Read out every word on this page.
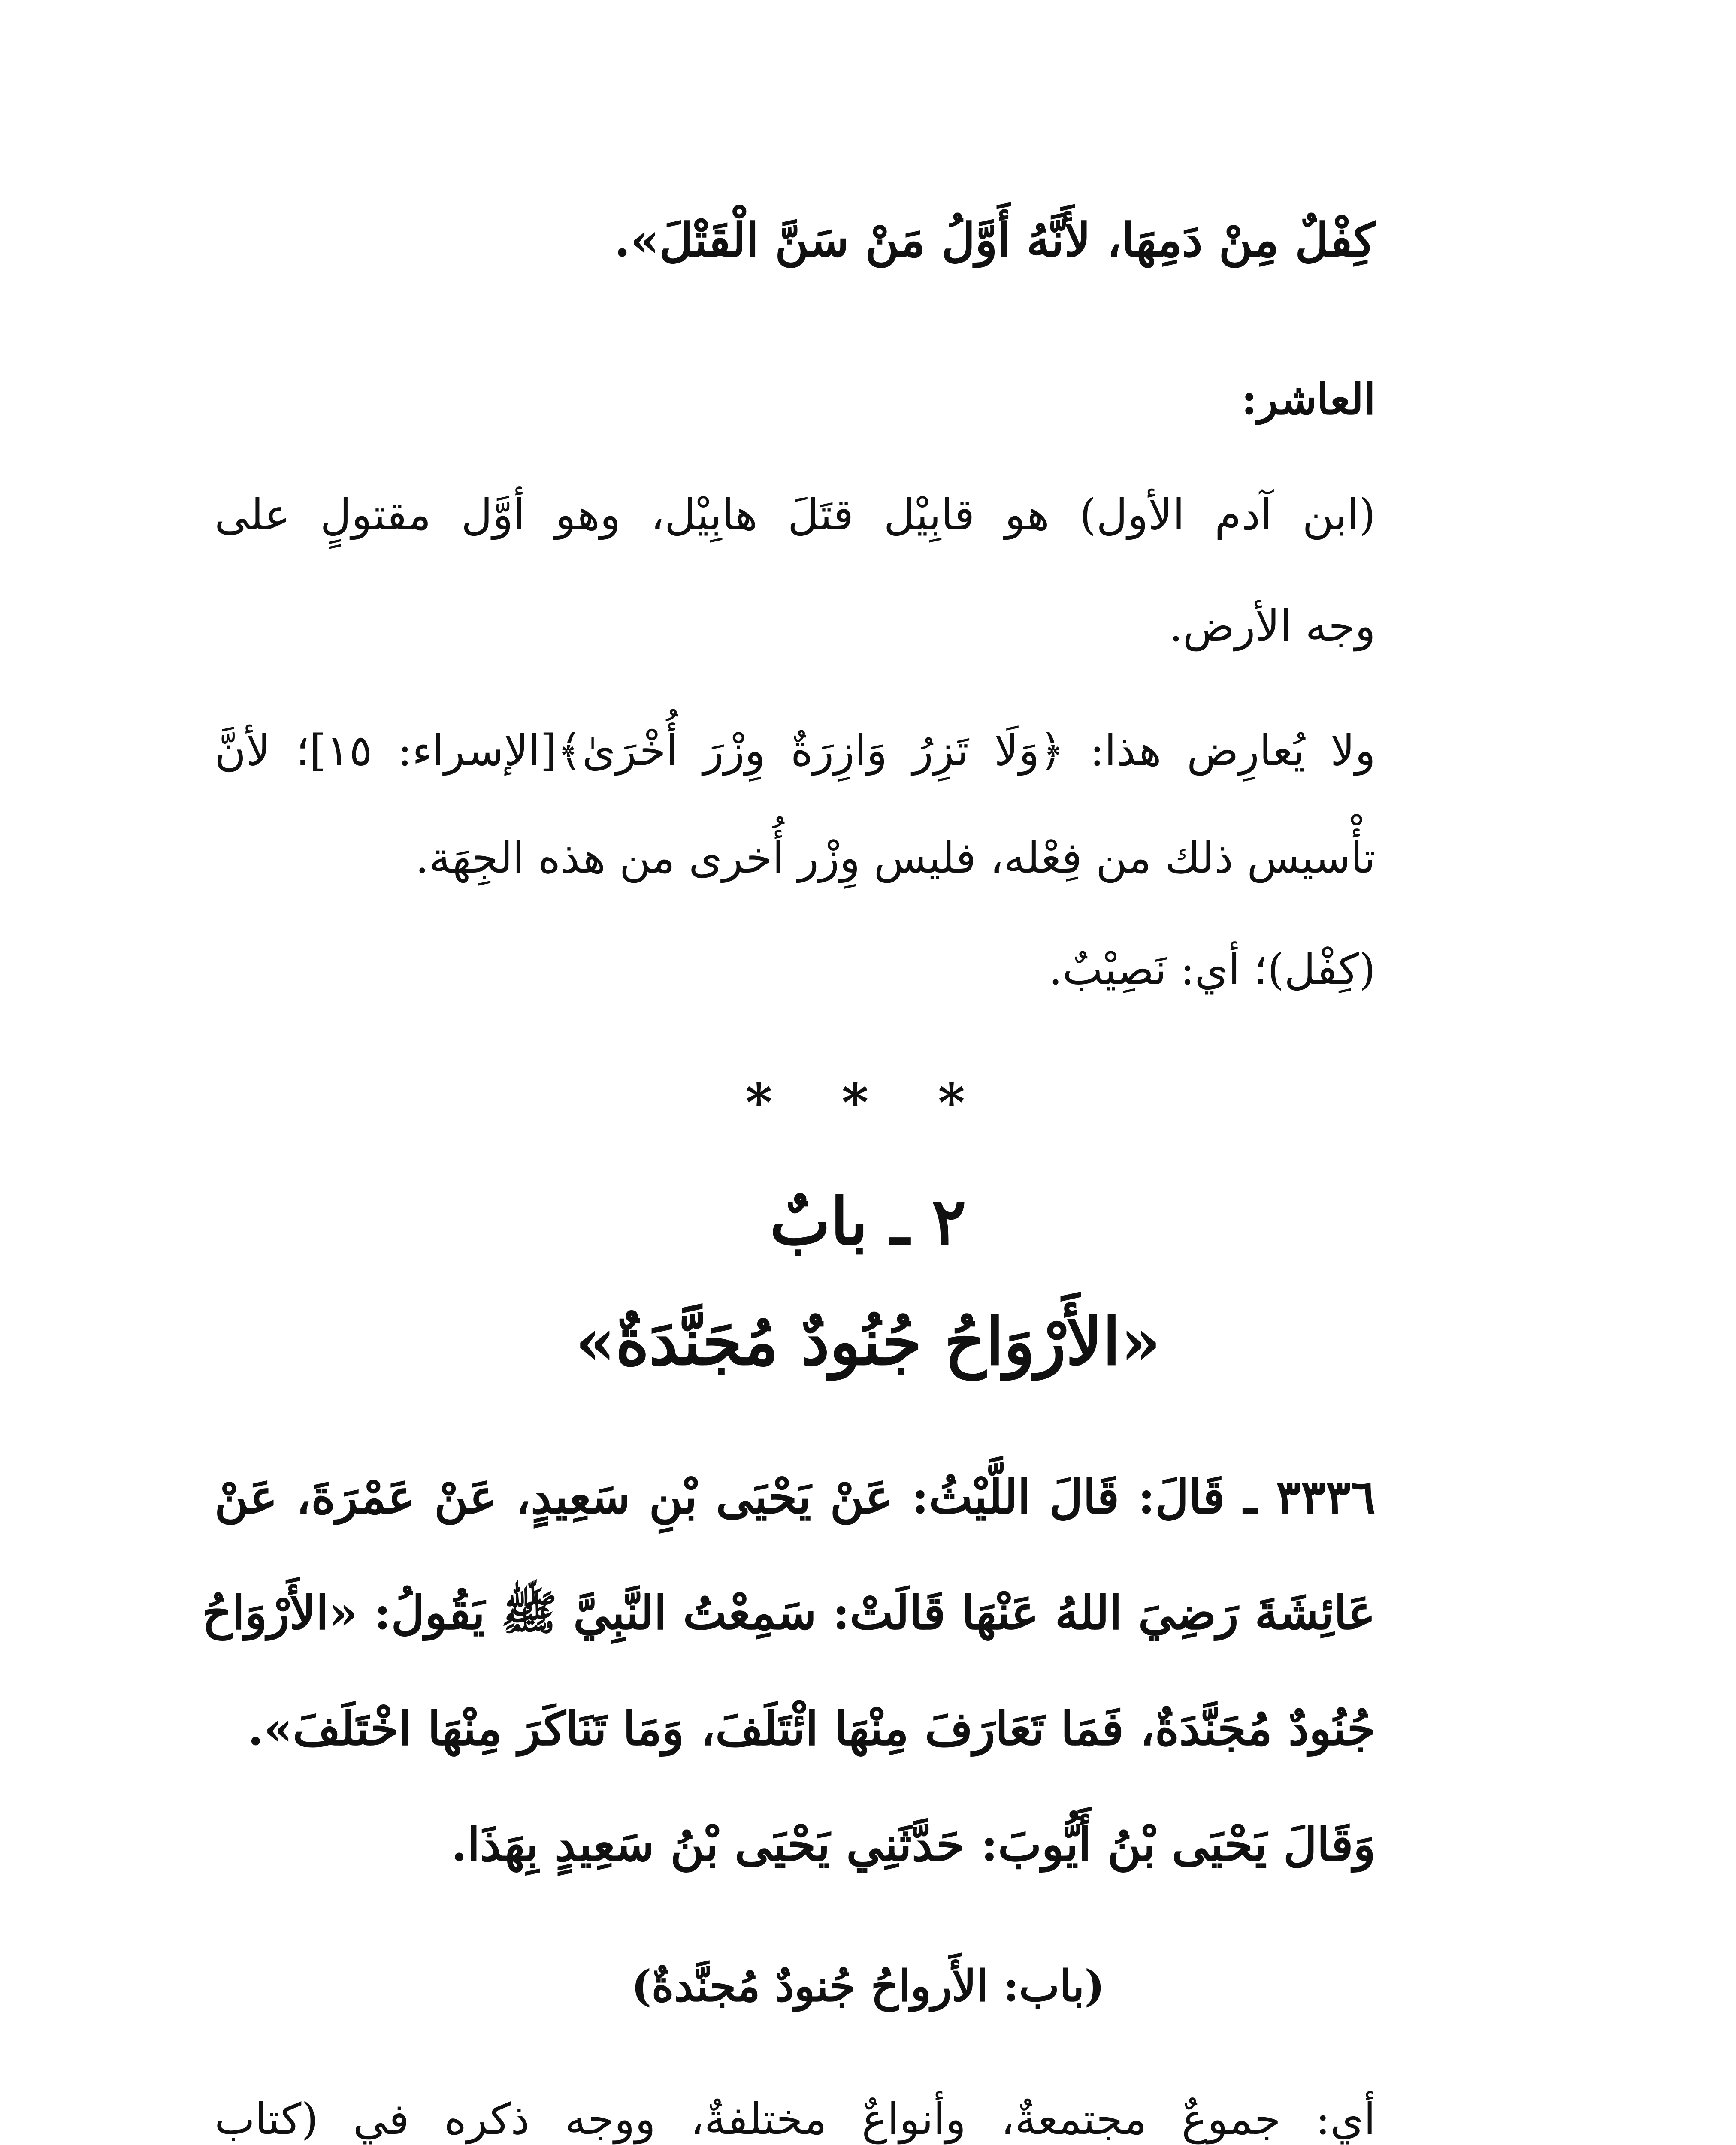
كِفْلٌ مِنْ دَمِهَا، لأَنَّهُ أَوَّلُ مَنْ سَنَّ الْقَتْلَ».
العاشر:
(ابن آدم الأول) هو قابِيْل قتَلَ هابِيْل، وهو أوَّل مقتولٍ على
وجه الأرض.
ولا يُعارِض هذا: ﴿وَلَا تَزِرُ وَازِرَةٌ وِزْرَ أُخْرَىٰ﴾[الإسراء: ١٥]؛ لأنَّ
تأْسيس ذلك من فِعْله، فليس وِزْر أُخرى من هذه الجِهَة.
(كِفْل)؛ أي: نَصِيْبٌ.
* * *
٢ ـ بابٌ
«الأَرْوَاحُ جُنُودٌ مُجَنَّدَةٌ»
٣٣٣٦ ـ قَالَ: قَالَ اللَّيْثُ: عَنْ يَحْيَى بْنِ سَعِيدٍ، عَنْ عَمْرَةَ، عَنْ
عَائِشَةَ رَضِيَ اللهُ عَنْهَا قَالَتْ: سَمِعْتُ النَّبِيَّ ﷺ يَقُولُ: «الأَرْوَاحُ
جُنُودٌ مُجَنَّدَةٌ، فَمَا تَعَارَفَ مِنْهَا ائْتَلَفَ، وَمَا تَنَاكَرَ مِنْهَا اخْتَلَفَ».
وَقَالَ يَحْيَى بْنُ أَيُّوبَ: حَدَّثَنِي يَحْيَى بْنُ سَعِيدٍ بِهَذَا.
(باب: الأَرواحُ جُنودٌ مُجنَّدةٌ)
أي: جموعٌ مجتمعةٌ، وأنواعٌ مختلفةٌ، ووجه ذكره في (كتاب
